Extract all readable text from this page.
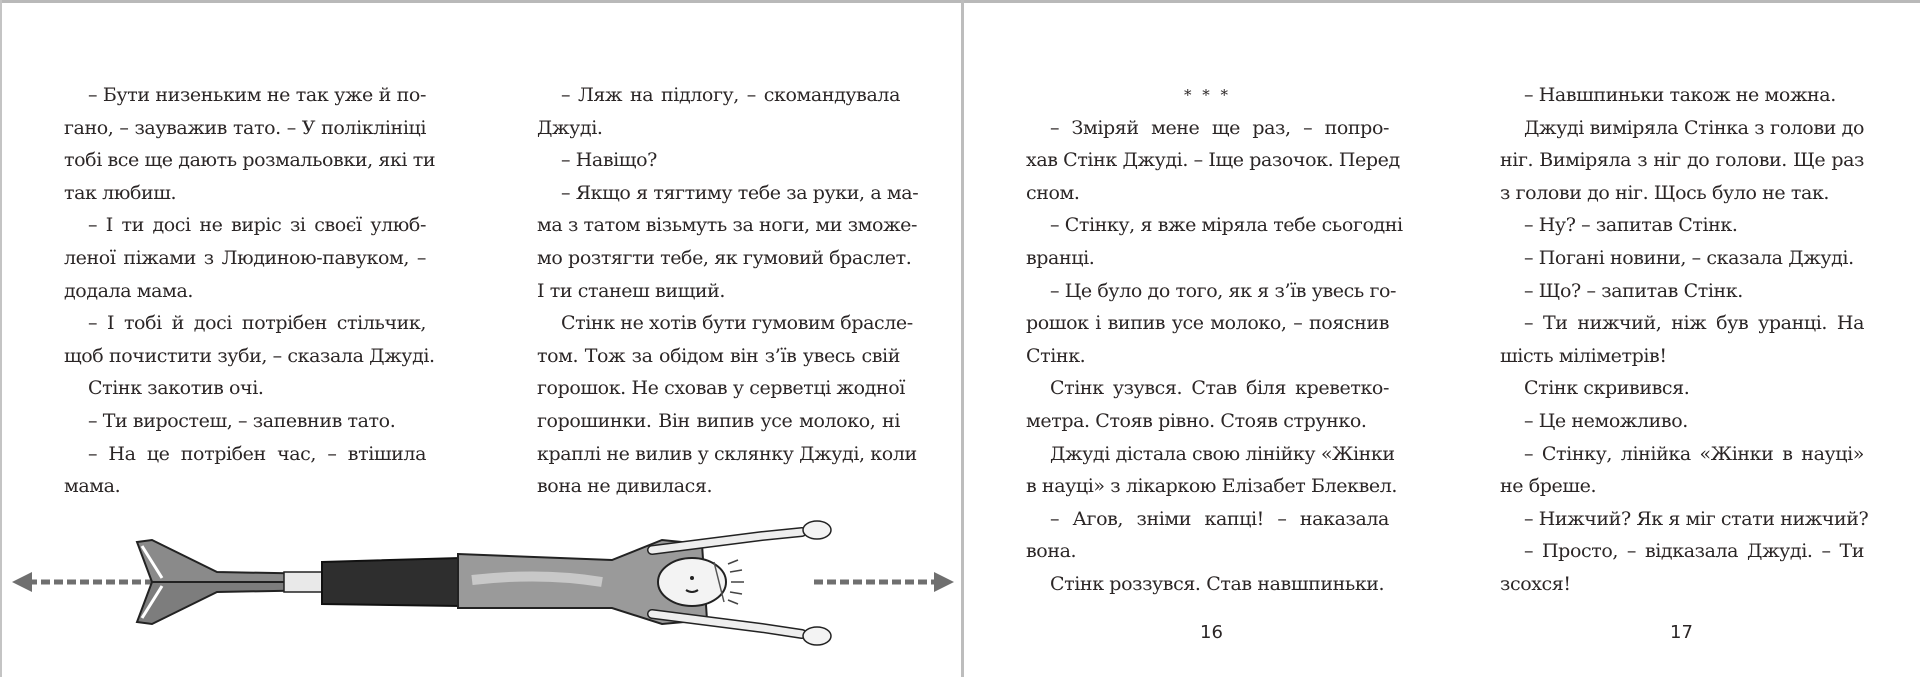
– Бути низеньким не так уже й по-
гано, – зауважив тато. – У поліклініці
тобі все ще дають розмальовки, які ти
так любиш.
– І ти досі не виріс зі своєї улюб-
леної піжами з Людиною-павуком, –
додала мама.
– І тобі й досі потрібен стільчик,
щоб почистити зуби, – сказала Джуді.
Стінк закотив очі.
– Ти виростеш, – запевнив тато.
– На це потрібен час, – втішила
мама.
– Ляж на підлогу, – скомандувала
Джуді.
– Навіщо?
– Якщо я тягтиму тебе за руки, а ма-
ма з татом візьмуть за ноги, ми зможе-
мо розтягти тебе, як гумовий браслет.
І ти станеш вищий.
Стінк не хотів бути гумовим брасле-
том. Тож за обідом він з’їв увесь свій
горошок. Не сховав у серветці жодної
горошинки. Він випив усе молоко, ні
краплі не вилив у склянку Джуді, коли
вона не дивилася.
* * *
– Зміряй мене ще раз, – попро-
хав Стінк Джуді. – Іще разочок. Перед
сном.
– Стінку, я вже міряла тебе сьогодні
вранці.
– Це було до того, як я з’їв увесь го-
рошок і випив усе молоко, – пояснив
Стінк.
Стінк узувся. Став біля креветко-
метра. Стояв рівно. Стояв струнко.
Джуді дістала свою лінійку «Жінки
в науці» з лікаркою Елізабет Блеквел.
– Агов, зніми капці! – наказала
вона.
Стінк роззувся. Став навшпиньки.
– Навшпиньки також не можна.
Джуді виміряла Стінка з голови до
ніг. Виміряла з ніг до голови. Ще раз
з голови до ніг. Щось було не так.
– Ну? – запитав Стінк.
– Погані новини, – сказала Джуді.
– Що? – запитав Стінк.
– Ти нижчий, ніж був уранці. На
шість міліметрів!
Стінк скривився.
– Це неможливо.
– Стінку, лінійка «Жінки в науці»
не бреше.
– Нижчий? Як я міг стати нижчий?
– Просто, – відказала Джуді. – Ти
зсохся!
16	17
